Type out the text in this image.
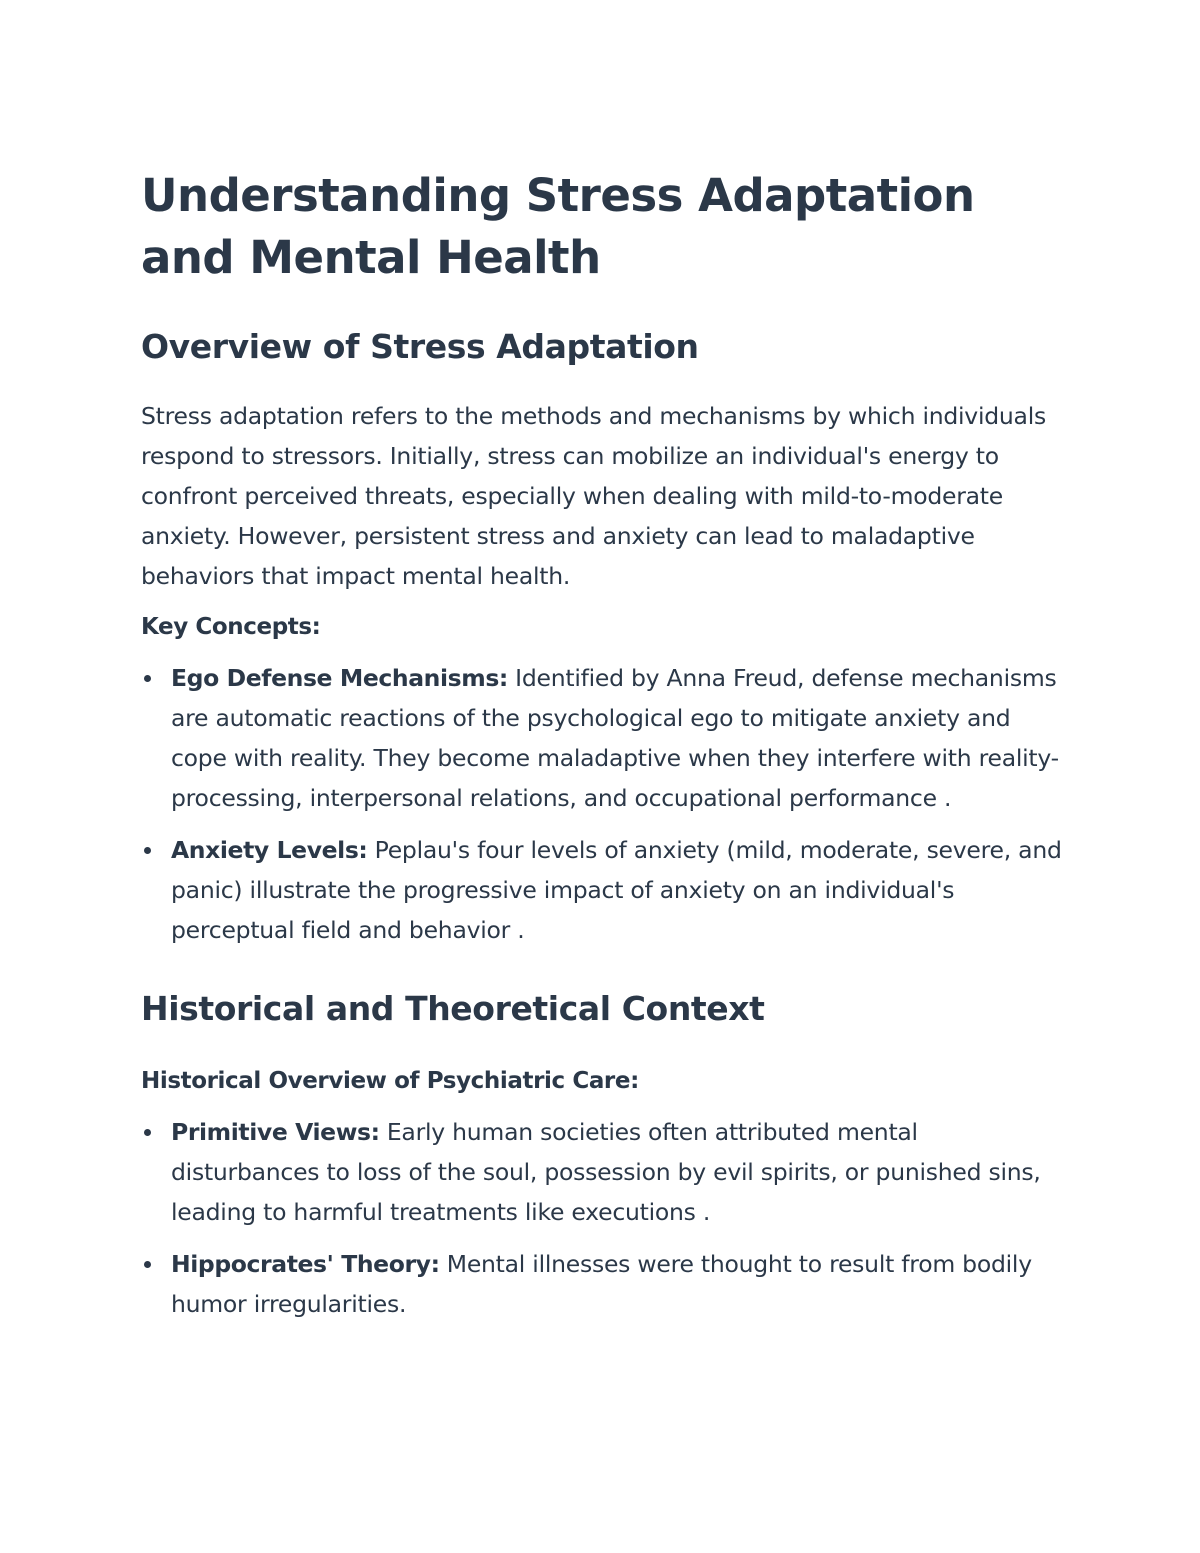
Understanding Stress Adaptation and Mental Health
Overview of Stress Adaptation

Stress adaptation refers to the methods and mechanisms by which individuals respond to stressors. Initially, stress can mobilize an individual's energy to confront perceived threats, especially when dealing with mild-to-moderate anxiety. However, persistent stress and anxiety can lead to maladaptive behaviors that impact mental health.

Key Concepts:

Ego Defense Mechanisms: Identified by Anna Freud, defense mechanisms are automatic reactions of the psychological ego to mitigate anxiety and cope with reality. They become maladaptive when they interfere with reality-processing, interpersonal relations, and occupational performance .
Anxiety Levels: Peplau's four levels of anxiety (mild, moderate, severe, and panic) illustrate the progressive impact of anxiety on an individual's perceptual field and behavior .
Historical and Theoretical Context

Historical Overview of Psychiatric Care:

Primitive Views: Early human societies often attributed mental disturbances to loss of the soul, possession by evil spirits, or punished sins, leading to harmful treatments like executions .
Hippocrates' Theory: Mental illnesses were thought to result from bodily humor irregularities.
